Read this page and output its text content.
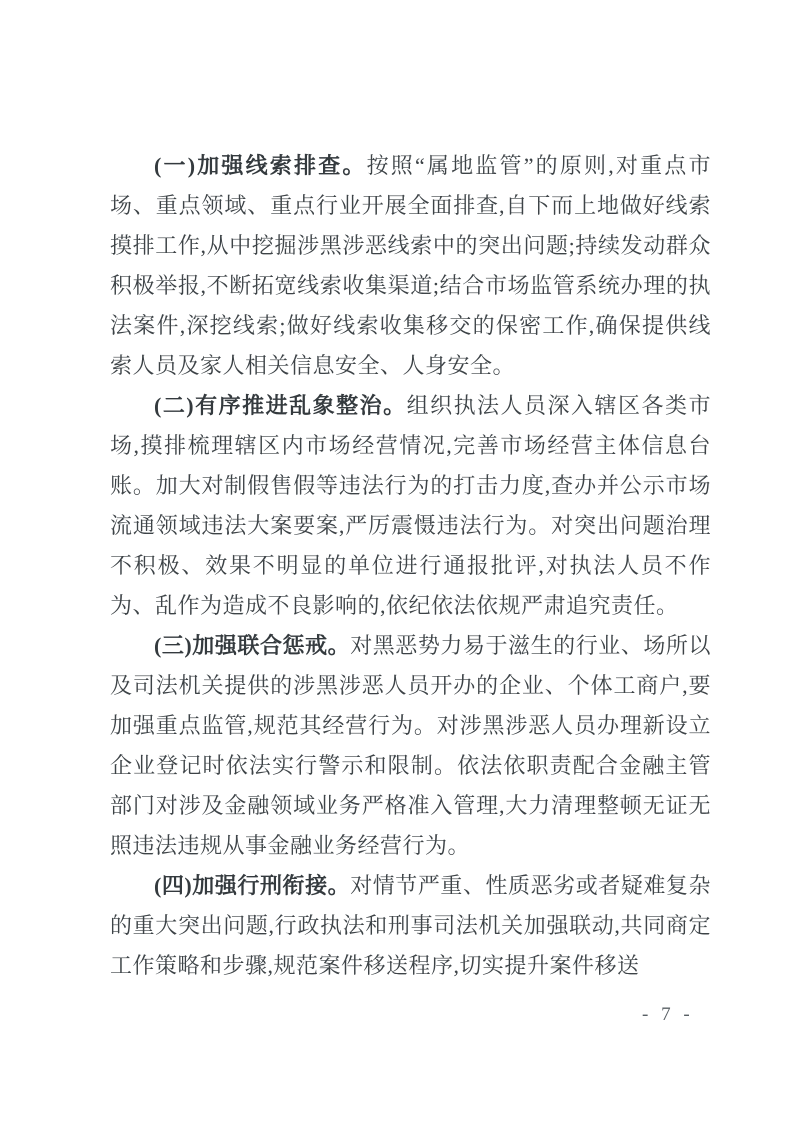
(一)加强线索排查。按照“属地监管”的原则,对重点市场、重点领域、重点行业开展全面排查,自下而上地做好线索摸排工作,从中挖掘涉黑涉恶线索中的突出问题;持续发动群众积极举报,不断拓宽线索收集渠道;结合市场监管系统办理的执法案件,深挖线索;做好线索收集移交的保密工作,确保提供线索人员及家人相关信息安全、人身安全。

(二)有序推进乱象整治。组织执法人员深入辖区各类市场,摸排梳理辖区内市场经营情况,完善市场经营主体信息台账。加大对制假售假等违法行为的打击力度,查办并公示市场流通领域违法大案要案,严厉震慑违法行为。对突出问题治理不积极、效果不明显的单位进行通报批评,对执法人员不作为、乱作为造成不良影响的,依纪依法依规严肃追究责任。

(三)加强联合惩戒。对黑恶势力易于滋生的行业、场所以及司法机关提供的涉黑涉恶人员开办的企业、个体工商户,要加强重点监管,规范其经营行为。对涉黑涉恶人员办理新设立企业登记时依法实行警示和限制。依法依职责配合金融主管部门对涉及金融领域业务严格准入管理,大力清理整顿无证无照违法违规从事金融业务经营行为。

(四)加强行刑衔接。对情节严重、性质恶劣或者疑难复杂的重大突出问题,行政执法和刑事司法机关加强联动,共同商定工作策略和步骤,规范案件移送程序,切实提升案件移送

- 7 -
